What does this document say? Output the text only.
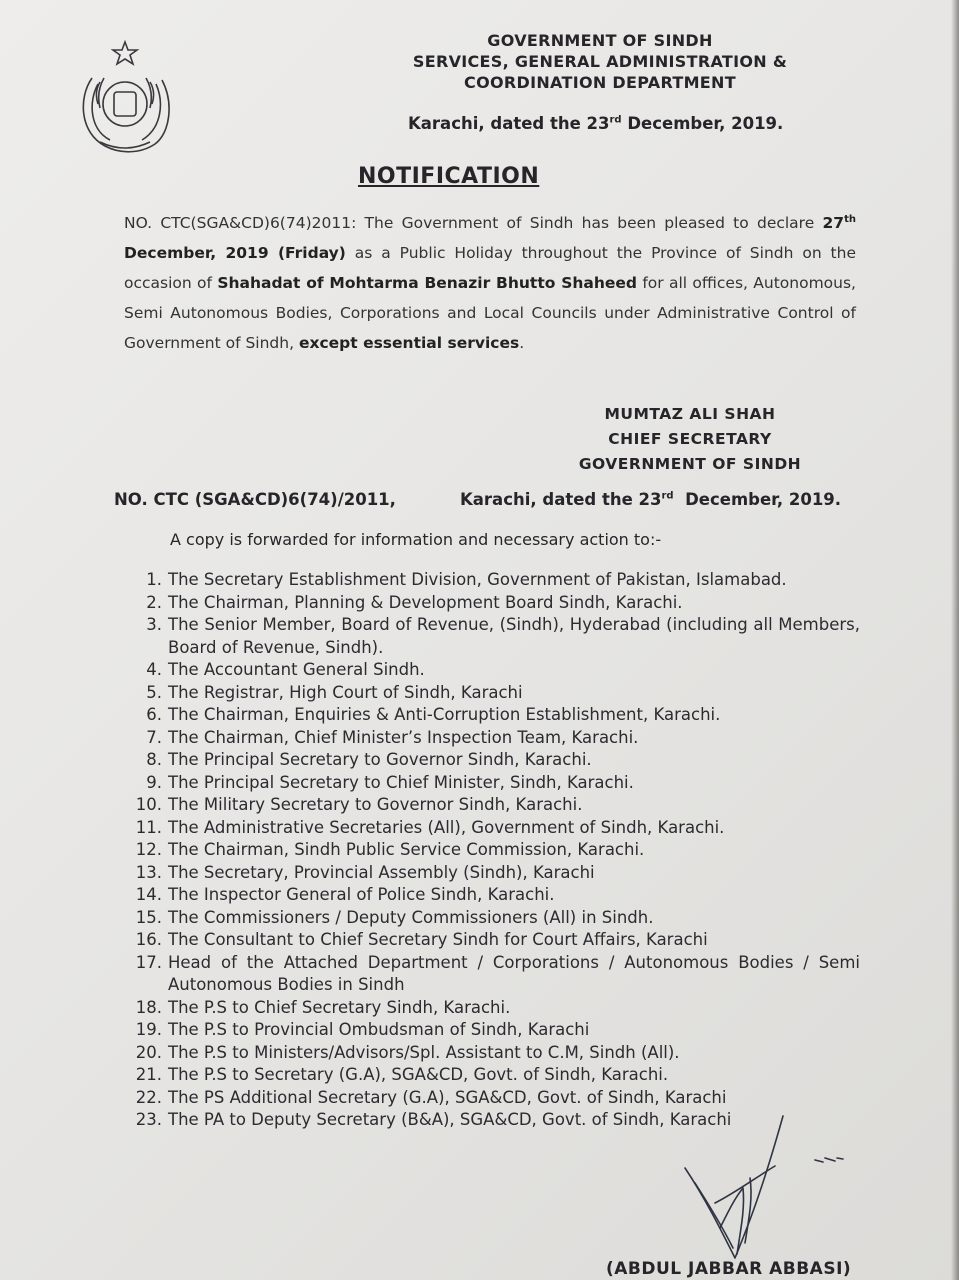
GOVERNMENT OF SINDH
SERVICES, GENERAL ADMINISTRATION &
COORDINATION DEPARTMENT
Karachi, dated the 23rd December, 2019.
NOTIFICATION
NO. CTC(SGA&CD)6(74)2011: The Government of Sindh has been pleased to declare 27th December, 2019 (Friday) as a Public Holiday throughout the Province of Sindh on the occasion of Shahadat of Mohtarma Benazir Bhutto Shaheed for all offices, Autonomous, Semi Autonomous Bodies, Corporations and Local Councils under Administrative Control of Government of Sindh, except essential services.
MUMTAZ ALI SHAH
CHIEF SECRETARY
GOVERNMENT OF SINDH
NO. CTC (SGA&CD)6(74)/2011,	Karachi, dated the 23rd  December, 2019.
A copy is forwarded for information and necessary action to:-
1. The Secretary Establishment Division, Government of Pakistan, Islamabad.
2. The Chairman, Planning & Development Board Sindh, Karachi.
3. The Senior Member, Board of Revenue, (Sindh), Hyderabad (including all Members, Board of Revenue, Sindh).
4. The Accountant General Sindh.
5. The Registrar, High Court of Sindh, Karachi
6. The Chairman, Enquiries & Anti-Corruption Establishment, Karachi.
7. The Chairman, Chief Minister’s Inspection Team, Karachi.
8. The Principal Secretary to Governor Sindh, Karachi.
9. The Principal Secretary to Chief Minister, Sindh, Karachi.
10. The Military Secretary to Governor Sindh, Karachi.
11. The Administrative Secretaries (All), Government of Sindh, Karachi.
12. The Chairman, Sindh Public Service Commission, Karachi.
13. The Secretary, Provincial Assembly (Sindh), Karachi
14. The Inspector General of Police Sindh, Karachi.
15. The Commissioners / Deputy Commissioners (All) in Sindh.
16. The Consultant to Chief Secretary Sindh for Court Affairs, Karachi
17. Head of the Attached Department / Corporations / Autonomous Bodies / Semi Autonomous Bodies in Sindh
18. The P.S to Chief Secretary Sindh, Karachi.
19. The P.S to Provincial Ombudsman of Sindh, Karachi
20. The P.S to Ministers/Advisors/Spl. Assistant to C.M, Sindh (All).
21. The P.S to Secretary (G.A), SGA&CD, Govt. of Sindh, Karachi.
22. The PS Additional Secretary (G.A), SGA&CD, Govt. of Sindh, Karachi
23. The PA to Deputy Secretary (B&A), SGA&CD, Govt. of Sindh, Karachi
(ABDUL JABBAR ABBASI)
